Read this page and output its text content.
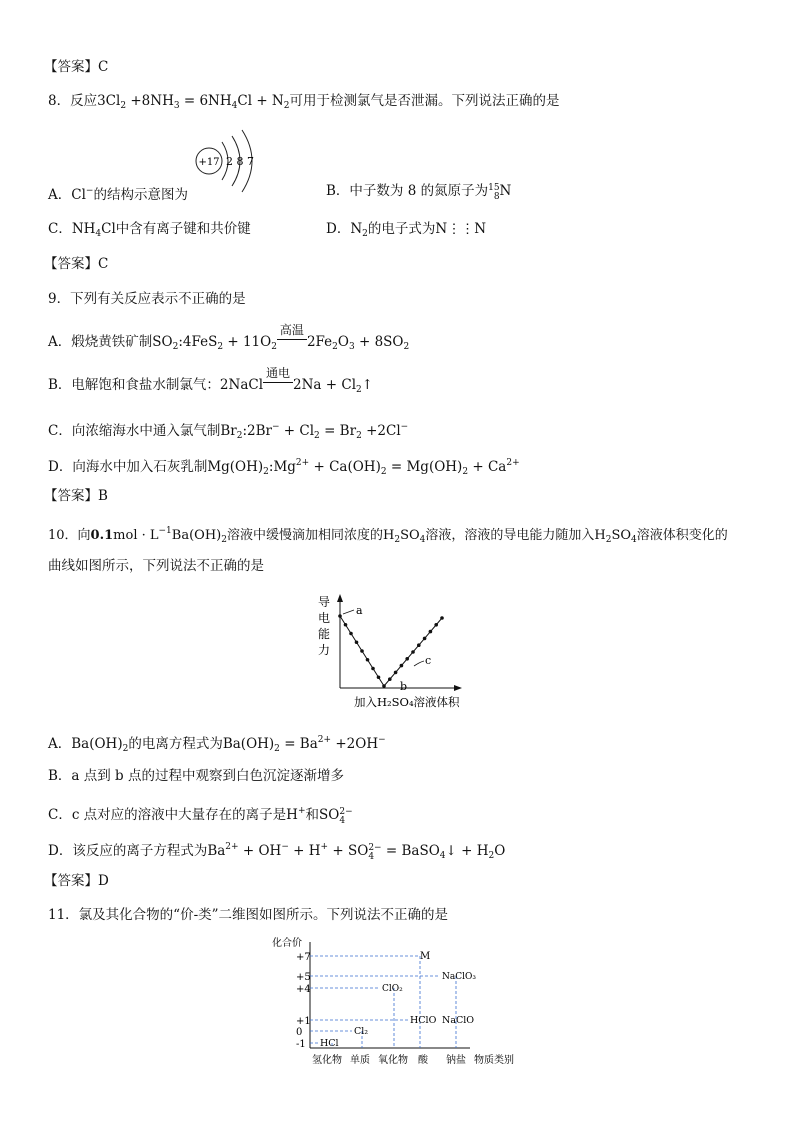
【答案】C
8．反应$3Cl_2 +8NH_3 = 6NH_4Cl + N_2$可用于检测氯气是否泄漏。下列说法正确的是
+17 2 8 7
A．Cl−的结构示意图为	B．中子数为 8 的氮原子为 15
8 N
C．$NH_4Cl$中含有离子键和共价键	D．$N_2$的电子式为N⋮⋮N
【答案】C
9．下列有关反应表示不正确的是
A．煅烧黄铁矿制$SO_2:4FeS_2 + 11O_2$
高温
$2Fe_2O_3 + 8SO_2$
B．电解饱和食盐水制氯气：2NaCl
通电
$2Na + Cl_2↑$
C．向浓缩海水中通入氯气制$Br_2:2Br^- + Cl_2 = Br_2 +2Cl^-$
D．向海水中加入石灰乳制$Mg(OH)_2:Mg^{2+} + Ca(OH)_2 = Mg(OH)_2 + Ca^{2+}$
【答案】B
10．向$0.1mol \cdot L^{-1}Ba(OH)_2$溶液中缓慢滴加相同浓度的$H_2SO_4$溶液，溶液的导电能力随加入$H_2SO_4$溶液体积变化的
曲线如图所示，下列说法不正确的是
导
电
能
力
a
b
c
加入H₂SO₄溶液体积
A．$Ba(OH)_2$的电离方程式为$Ba(OH)_2 = Ba^{2+} +2OH^-$
B．a 点到 b 点的过程中观察到白色沉淀逐渐增多
C．c 点对应的溶液中大量存在的离子是H+和SO 2−
4
D．该反应的离子方程式为$Ba^{2+} + OH^- + H^+$ + SO 2−
4 = BaSO$_4$↓ + $H_2O$
【答案】D
11．氯及其化合物的“价-类”二维图如图所示。下列说法不正确的是
化合价
+7
+5
+4
+1
0
-1
M
NaClO₃
ClO₂
HClO NaClO
Cl₂
HCl
氢化物 单质 氧化物 酸 钠盐 物质类别
